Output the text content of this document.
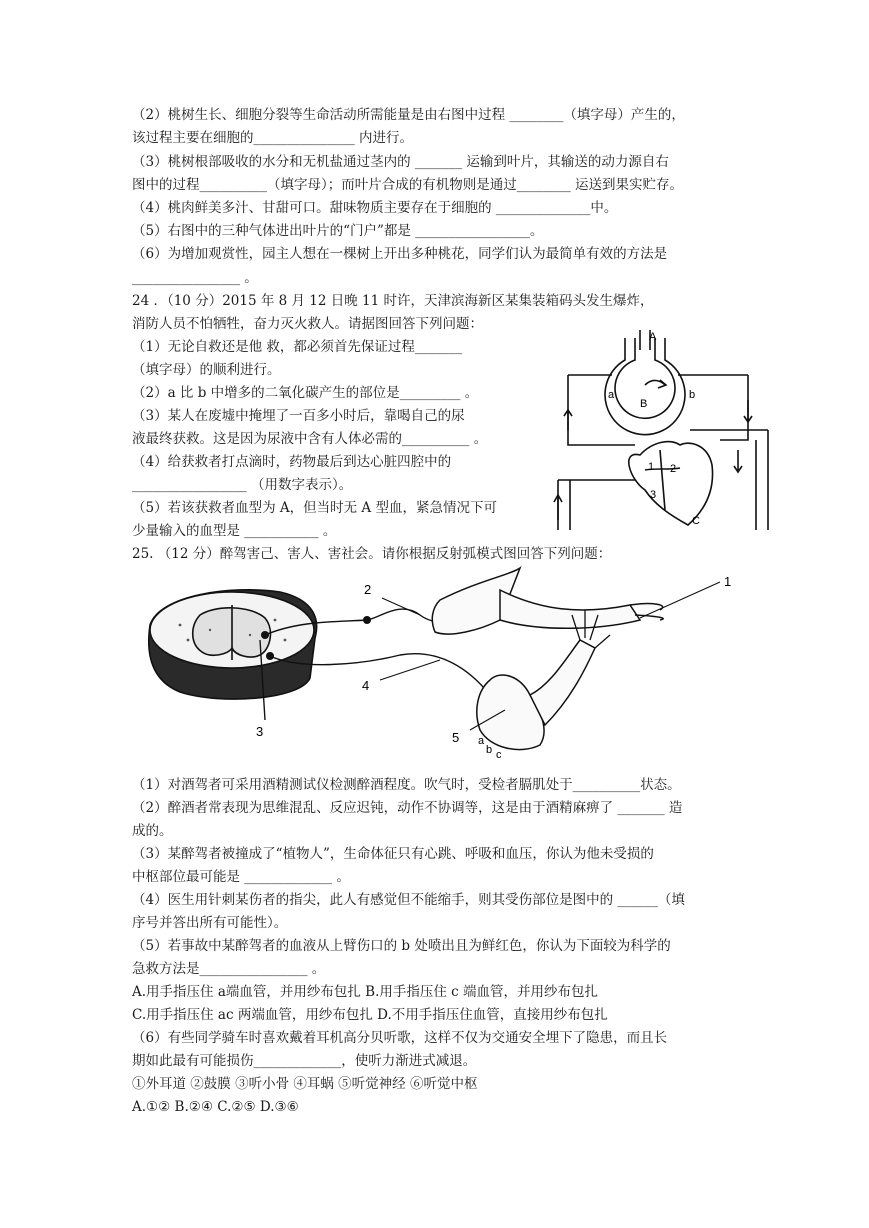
（2）桃树生长、细胞分裂等生命活动所需能量是由右图中过程 ________（填字母）产生的，
该过程主要在细胞的_______________ 内进行。
（3）桃树根部吸收的水分和无机盐通过茎内的 _______ 运输到叶片，其输送的动力源自右
图中的过程__________（填字母）；而叶片合成的有机物则是通过________ 运送到果实贮存。
（4）桃肉鲜美多汁、甘甜可口。甜味物质主要存在于细胞的 ______________中。
（5）右图中的三种气体进出叶片的“门户”都是 _________________。
（6）为增加观赏性，园主人想在一棵树上开出多种桃花，同学们认为最简单有效的方法是
________________ 。
24 ．（10 分）2015 年 8 月 12 日晚 11 时许，天津滨海新区某集装箱码头发生爆炸，
消防人员不怕牺牲，奋力灭火救人。请据图回答下列问题：
（1）无论自救还是他 救，都必须首先保证过程_______
（填字母）的顺利进行。
（2）a 比 b 中增多的二氧化碳产生的部位是_________ 。
（3）某人在废墟中掩埋了一百多小时后，靠喝自己的尿
液最终获救。这是因为尿液中含有人体必需的__________ 。
（4）给获救者打点滴时，药物最后到达心脏四腔中的
_________________ （用数字表示）。
（5）若该获救者血型为 A，但当时无 A 型血，紧急情况下可
少量输入的血型是 ___________ 。
25. （12 分）醉驾害己、害人、害社会。请你根据反射弧模式图回答下列问题：
（1）对酒驾者可采用酒精测试仪检测醉酒程度。吹气时，受检者膈肌处于__________状态。
（2）醉酒者常表现为思维混乱、反应迟钝，动作不协调等，这是由于酒精麻痹了 _______ 造
成的。
（3）某醉驾者被撞成了“植物人”，生命体征只有心跳、呼吸和血压，你认为他未受损的
中枢部位最可能是 _____________ 。
（4）医生用针刺某伤者的指尖，此人有感觉但不能缩手，则其受伤部位是图中的 ______（填
序号并答出所有可能性）。
（5）若事故中某醉驾者的血液从上臂伤口的 b 处喷出且为鲜红色，你认为下面较为科学的
急救方法是________________ 。
A.用手指压住 a端血管，并用纱布包扎 B.用手指压住 c 端血管，并用纱布包扎
C.用手指压住 ac 两端血管，用纱布包扎 D.不用手指压住血管，直接用纱布包扎
（6）有些同学骑车时喜欢戴着耳机高分贝听歌，这样不仅为交通安全埋下了隐患，而且长
期如此最有可能损伤_____________，使听力渐进式减退。
①外耳道 ②鼓膜 ③听小骨 ④耳蜗 ⑤听觉神经 ⑥听觉中枢
A.①② B.②④ C.②⑤ D.③⑥
A
a	b
B
1 2
3
C
1
2
3
4
5 a
b c
